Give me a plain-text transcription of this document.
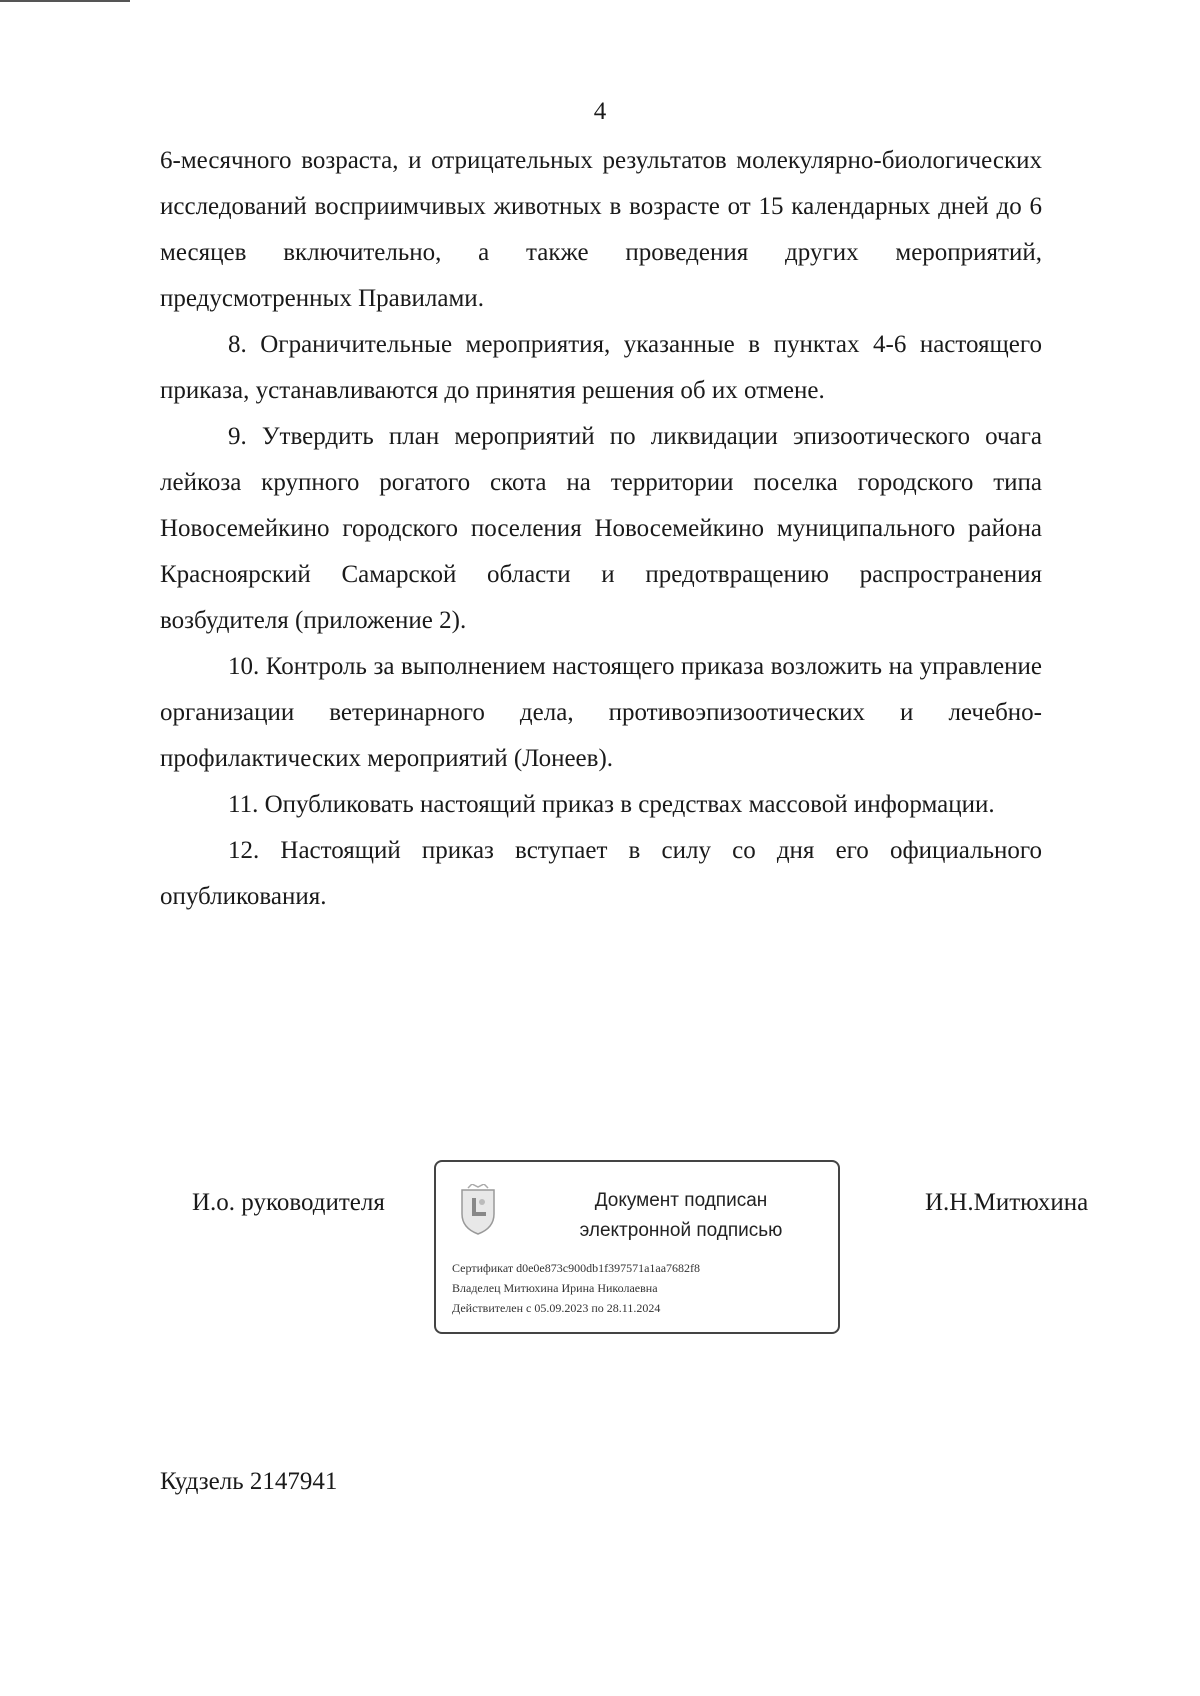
4

6-месячного возраста, и отрицательных результатов молекулярно-биологических исследований восприимчивых животных в возрасте от 15 календарных дней до 6 месяцев включительно, а также проведения других мероприятий, предусмотренных Правилами.

8. Ограничительные мероприятия, указанные в пунктах 4-6 настоящего приказа, устанавливаются до принятия решения об их отмене.

9. Утвердить план мероприятий по ликвидации эпизоотического очага лейкоза крупного рогатого скота на территории поселка городского типа Новосемейкино городского поселения Новосемейкино муниципального района Красноярский Самарской области и предотвращению распространения возбудителя (приложение 2).

10. Контроль за выполнением настоящего приказа возложить на управление организации ветеринарного дела, противоэпизоотических и лечебно-профилактических мероприятий (Лонеев).

11. Опубликовать настоящий приказ в средствах массовой информации.

12. Настоящий приказ вступает в силу со дня его официального опубликования.

И.о. руководителя	Документ подписан
электронной подписью
Сертификат d0e0e873c900db1f397571a1aa7682f8
Владелец Митюхина Ирина Николаевна
Действителен с 05.09.2023 по 28.11.2024
И.Н.Митюхина
Кудзель 2147941
